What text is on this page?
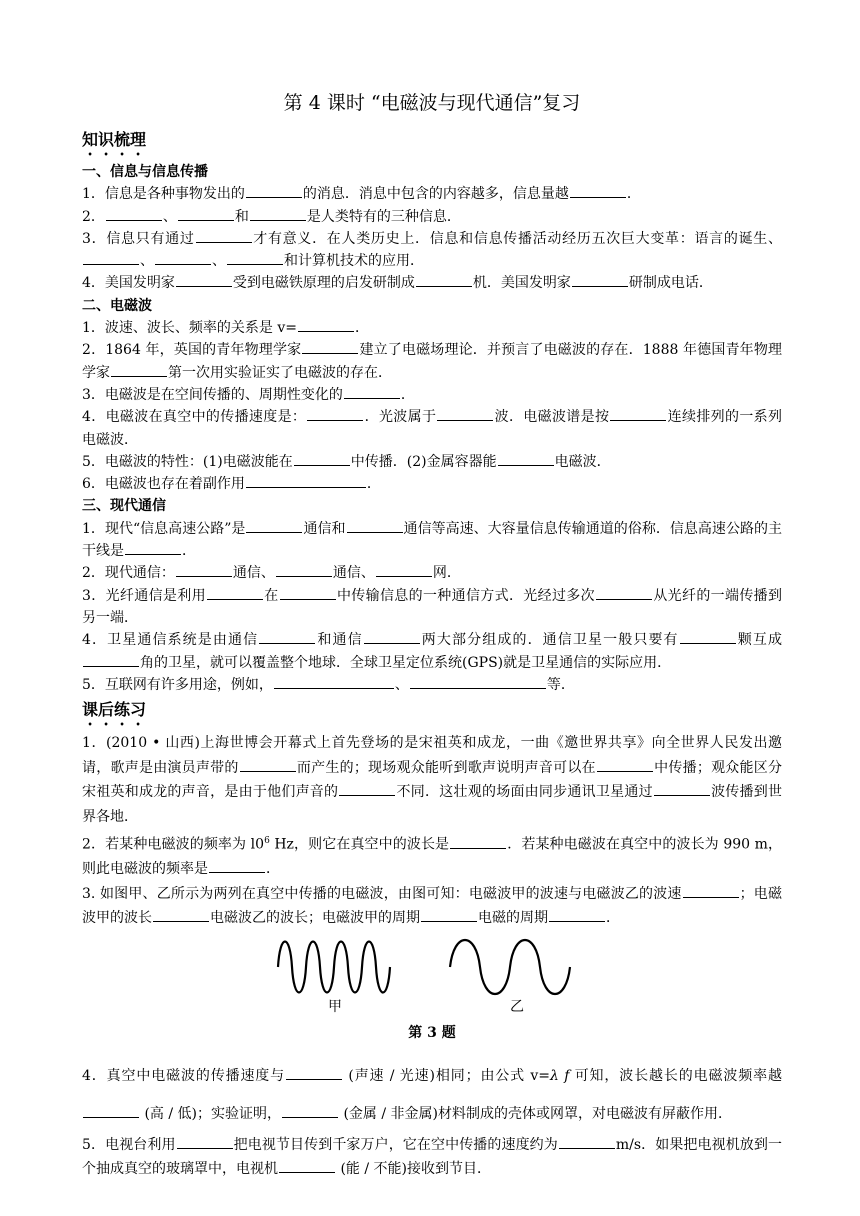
第 4 课时 “电磁波与现代通信”复习
知识梳理
一、信息与信息传播

1．信息是各种事物发出的	的消息．消息中包含的内容越多，信息量越	．

2．	、	和	是人类特有的三种信息．

3．信息只有通过	才有意义．在人类历史上．信息和信息传播活动经历五次巨大变革：语言的诞生、、	、	和计算机技术的应用．

4．美国发明家	受到电磁铁原理的启发研制成	机．美国发明家	研制成电话．

二、电磁波

1．波速、波长、频率的关系是 v=	．

2．1864 年，英国的青年物理学家	建立了电磁场理论．并预言了电磁波的存在．1888 年德国青年物理学家	第一次用实验证实了电磁波的存在．

3．电磁波是在空间传播的、周期性变化的	．

4．电磁波在真空中的传播速度是：	．光波属于	波．电磁波谱是按	连续排列的一系列电磁波．

5．电磁波的特性：(1)电磁波能在	中传播．(2)金属容器能	电磁波．

6．电磁波也存在着副作用	．

三、现代通信

1．现代“信息高速公路”是	通信和	通信等高速、大容量信息传输通道的俗称．信息高速公路的主干线是	．

2．现代通信：	通信、	通信、	网．

3．光纤通信是利用	在	中传输信息的一种通信方式．光经过多次	从光纤的一端传播到另一端．

4．卫星通信系统是由通信	和通信	两大部分组成的．通信卫星一般只要有	颗互成角的卫星，就可以覆盖整个地球．全球卫星定位系统(GPS)就是卫星通信的实际应用．

5．互联网有许多用途，例如，	、	等．

课后练习

1．(2010 • 山西)上海世博会开幕式上首先登场的是宋祖英和成龙，一曲《邀世界共享》向全世界人民发出邀请，歌声是由演员声带的	而产生的；现场观众能听到歌声说明声音可以在	中传播；观众能区分宋祖英和成龙的声音，是由于他们声音的	不同．这壮观的场面由同步通讯卫星通过	波传播到世界各地．

2．若某种电磁波的频率为 $l0^6$ Hz，则它在真空中的波长是	．若某种电磁波在真空中的波长为 990 m，则此电磁波的频率是	．

3. 如图甲、乙所示为两列在真空中传播的电磁波，由图可知：电磁波甲的波速与电磁波乙的波速	；电磁波甲的波长	电磁波乙的波长；电磁波甲的周期	电磁的周期	．

甲	乙
第 3 题

4．真空中电磁波的传播速度与	(声速 / 光速)相同；由公式 v=λ f 可知，波长越长的电磁波频率越 (高 / 低)；实验证明，	(金属 / 非金属)材料制成的壳体或网罩，对电磁波有屏蔽作用．

5．电视台利用	把电视节目传到千家万户，它在空中传播的速度约为	m/s．如果把电视机放到一个抽成真空的玻璃罩中，电视机	(能 / 不能)接收到节目．
